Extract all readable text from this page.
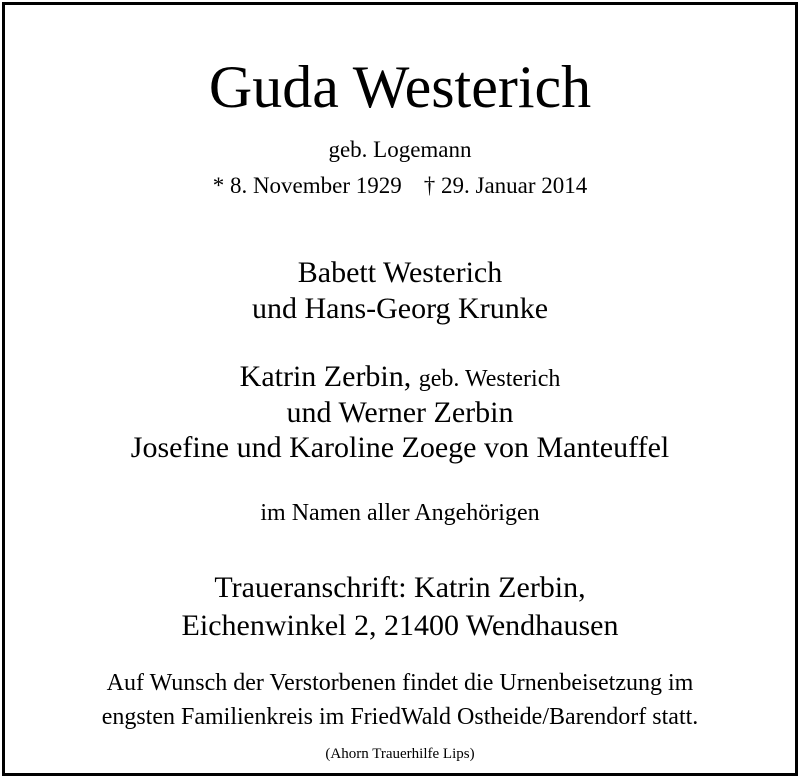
Guda Westerich
geb. Logemann
* 8. November 1929 † 29. Januar 2014
Babett Westerich
und Hans-Georg Krunke
Katrin Zerbin, geb. Westerich
und Werner Zerbin
Josefine und Karoline Zoege von Manteuffel
im Namen aller Angehörigen
Traueranschrift: Katrin Zerbin,
Eichenwinkel 2, 21400 Wendhausen
Auf Wunsch der Verstorbenen findet die Urnenbeisetzung im
engsten Familienkreis im FriedWald Ostheide/Barendorf statt.
(Ahorn Trauerhilfe Lips)
